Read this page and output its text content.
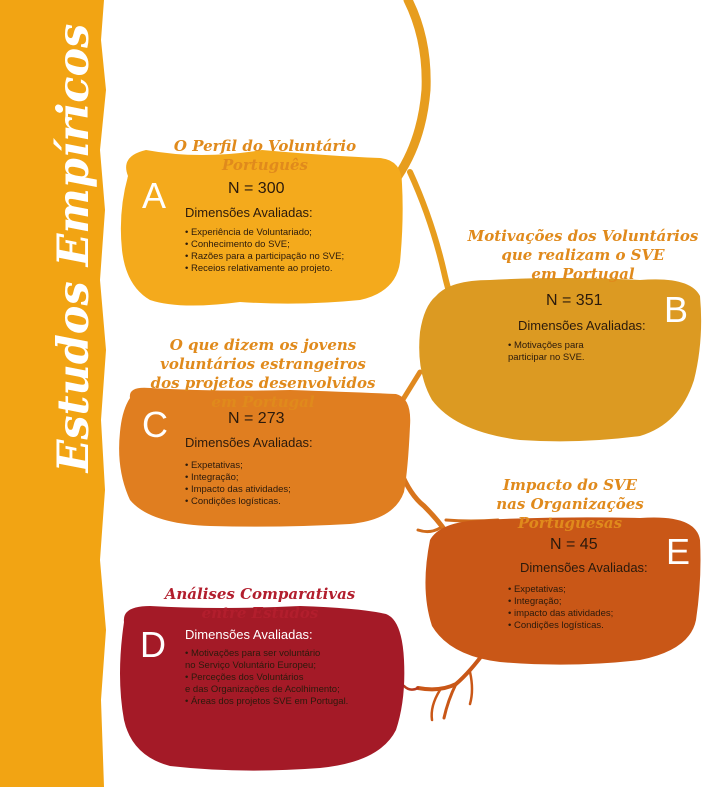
Estudos Empíricos	O Perfil do Voluntário
Português

A	N = 300
Dimensões Avaliadas:
• Experiência de Voluntariado;
• Conhecimento do SVE;
• Razões para a participação no SVE;
• Receios relativamente ao projeto.

Motivações dos Voluntários
que realizam o SVE
em Portugal

B
N = 351
Dimensões Avaliadas:
• Motivações para
participar no SVE.

O que dizem os jovens
voluntários estrangeiros
dos projetos desenvolvidos
em Portugal

C	N = 273
Dimensões Avaliadas:
• Expetativas;
• Integração;
• Impacto das atividades;
• Condições logísticas.

Impacto do SVE
nas Organizações
Portuguesas

E
N = 45
Dimensões Avaliadas:
• Expetativas;
• Integração;
• impacto das atividades;
• Condições logísticas.

Análises Comparativas
entre Estudos

D Dimensões Avaliadas:
• Motivações para ser voluntário
no Serviço Voluntário Europeu;
• Perceções dos Voluntários
e das Organizações de Acolhimento;
• Áreas dos projetos SVE em Portugal.
